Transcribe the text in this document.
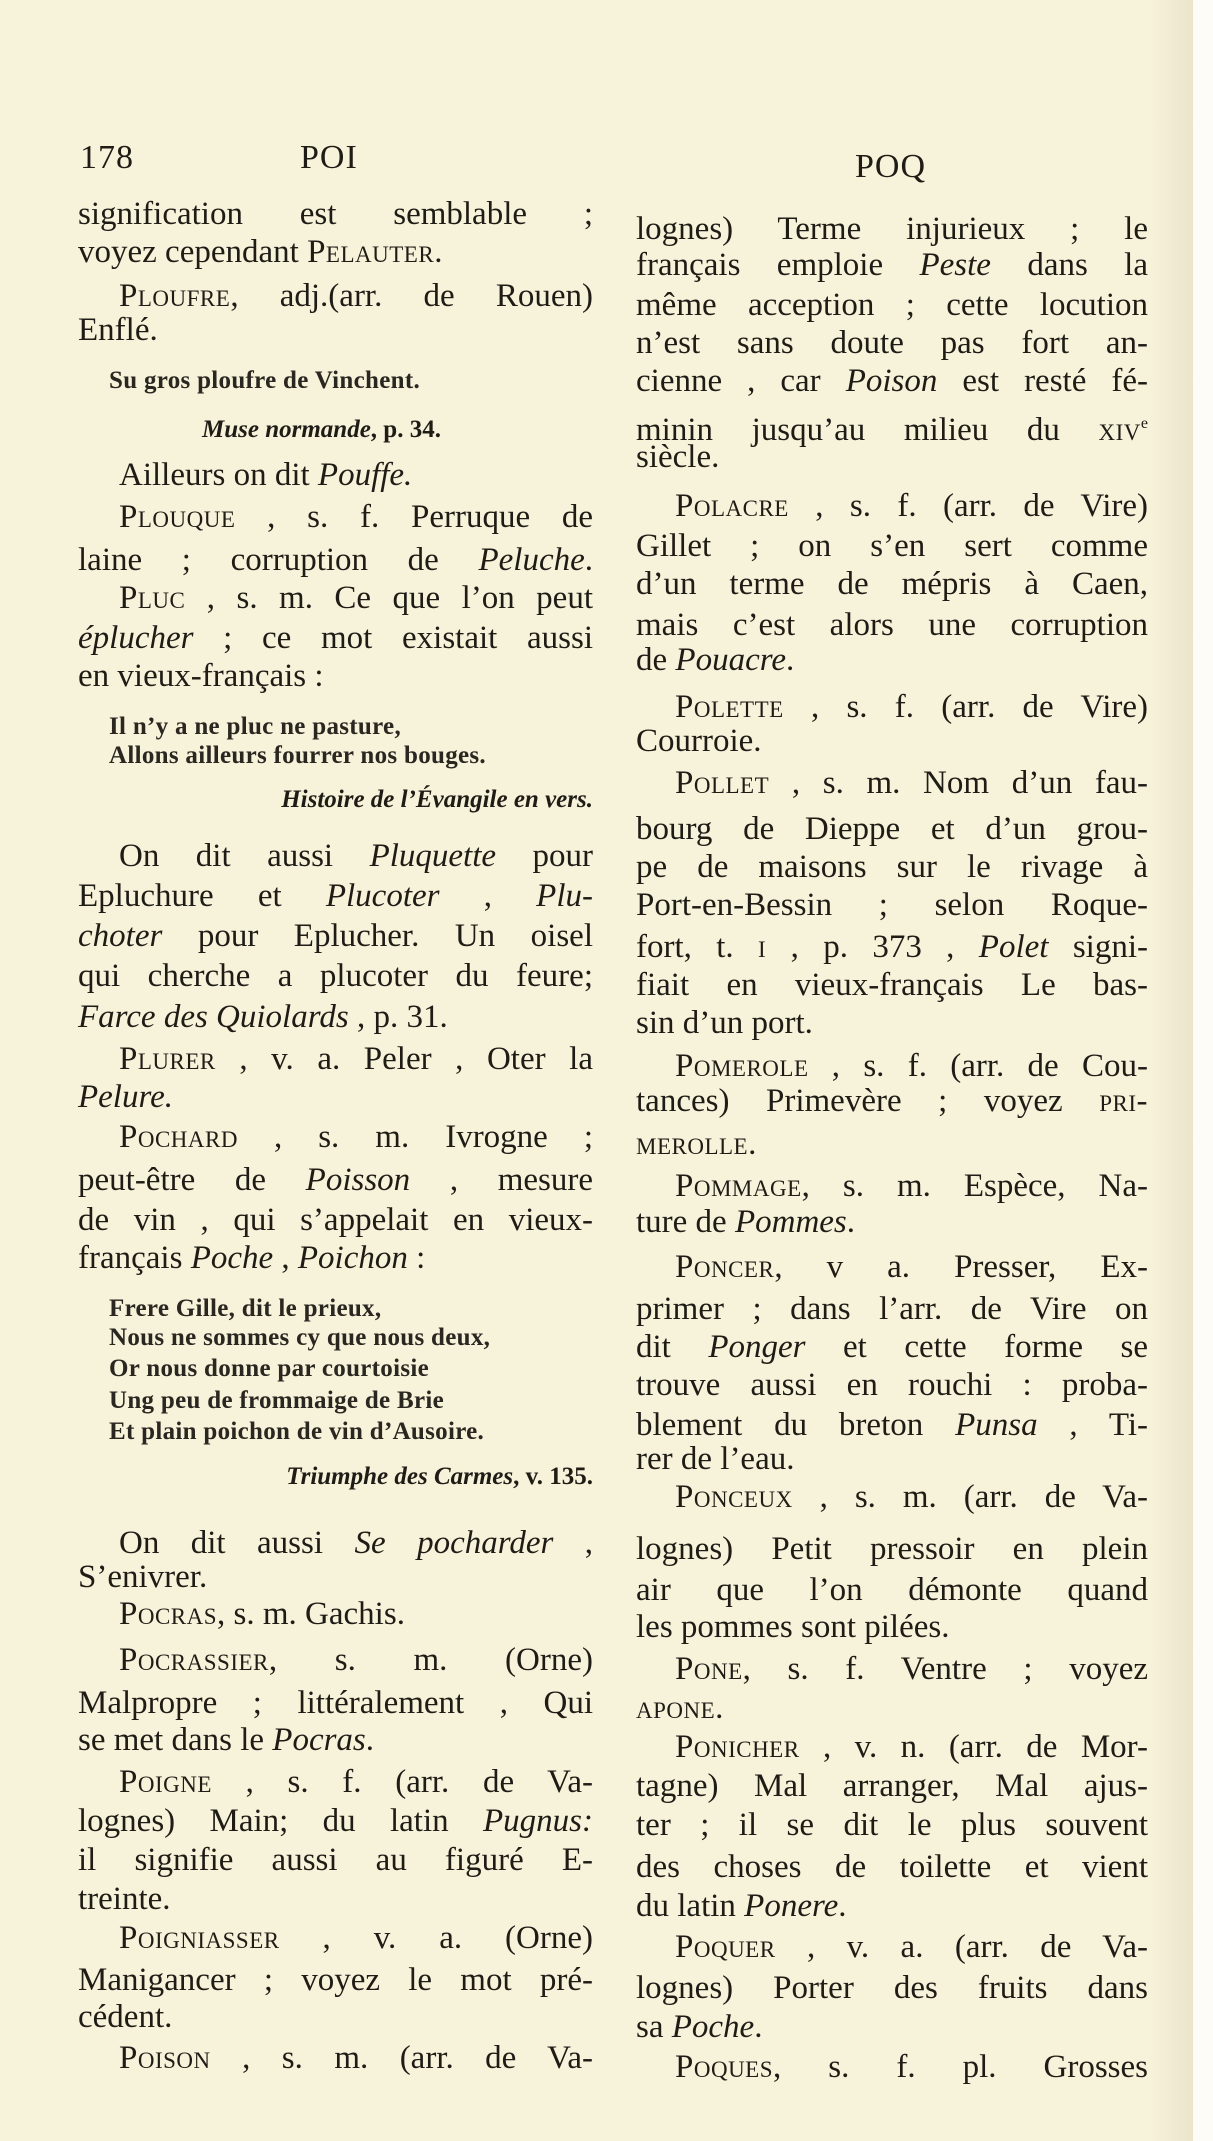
178	POI	POQ
signification est semblable ;
voyez cependant Pelauter.
Ploufre, adj.(arr. de Rouen)
Enflé.
Su gros ploufre de Vinchent.
Muse normande, p. 34.
Ailleurs on dit Pouffe.
Plouque , s. f. Perruque de
laine ; corruption de Peluche.
Pluc , s. m. Ce que l’on peut
éplucher ; ce mot existait aussi
en vieux-français :
Il n’y a ne pluc ne pasture,
Allons ailleurs fourrer nos bouges.
Histoire de l’Évangile en vers.
On dit aussi Pluquette pour
Epluchure et Plucoter , Plu-
choter pour Eplucher. Un oisel
qui cherche a plucoter du feure;
Farce des Quiolards , p. 31.
Plurer , v. a. Peler , Oter la
Pelure.
Pochard , s. m. Ivrogne ;
peut-être de Poisson , mesure
de vin , qui s’appelait en vieux-
français Poche , Poichon :
Frere Gille, dit le prieux,
Nous ne sommes cy que nous deux,
Or nous donne par courtoisie
Ung peu de frommaige de Brie
Et plain poichon de vin d’Ausoire.
Triumphe des Carmes, v. 135.
On dit aussi Se pocharder ,
S’enivrer.
Pocras, s. m. Gachis.
Pocrassier, s. m. (Orne)
Malpropre ; littéralement , Qui
se met dans le Pocras.
Poigne , s. f. (arr. de Va-
lognes) Main; du latin Pugnus:
il signifie aussi au figuré E-
treinte.
Poigniasser , v. a. (Orne)
Manigancer ; voyez le mot pré-
cédent.
Poison , s. m. (arr. de Va-
lognes) Terme injurieux ; le
français emploie Peste dans la
même acception ; cette locution
n’est sans doute pas fort an-
cienne , car Poison est resté fé-
minin jusqu’au milieu du xiv$^e$
siècle.
Polacre , s. f. (arr. de Vire)
Gillet ; on s’en sert comme
d’un terme de mépris à Caen,
mais c’est alors une corruption
de Pouacre.
Polette , s. f. (arr. de Vire)
Courroie.
Pollet , s. m. Nom d’un fau-
bourg de Dieppe et d’un grou-
pe de maisons sur le rivage à
Port-en-Bessin ; selon Roque-
fort, t. i , p. 373 , Polet signi-
fiait en vieux-français Le bas-
sin d’un port.
Pomerole , s. f. (arr. de Cou-
tances) Primevère ; voyez pri-
merolle.
Pommage, s. m. Espèce, Na-
ture de Pommes.
Poncer, v a. Presser, Ex-
primer ; dans l’arr. de Vire on
dit Ponger et cette forme se
trouve aussi en rouchi : proba-
blement du breton Punsa , Ti-
rer de l’eau.
Ponceux , s. m. (arr. de Va-
lognes) Petit pressoir en plein
air que l’on démonte quand
les pommes sont pilées.
Pone, s. f. Ventre ; voyez
apone.
Ponicher , v. n. (arr. de Mor-
tagne) Mal arranger, Mal ajus-
ter ; il se dit le plus souvent
des choses de toilette et vient
du latin Ponere.
Poquer , v. a. (arr. de Va-
lognes) Porter des fruits dans
sa Poche.
Poques, s. f. pl. Grosses
